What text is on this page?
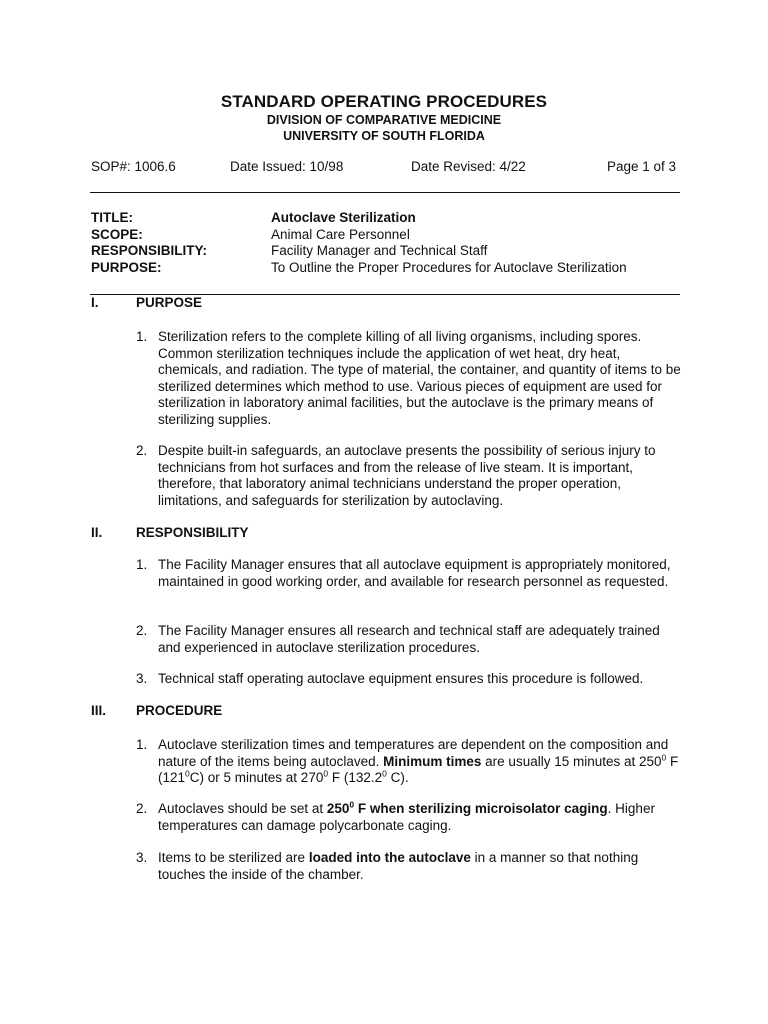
STANDARD OPERATING PROCEDURES
DIVISION OF COMPARATIVE MEDICINE
UNIVERSITY OF SOUTH FLORIDA
SOP#: 1006.6	Date Issued: 10/98	Date Revised: 4/22	Page 1 of 3
TITLE:	Autoclave Sterilization
SCOPE:	Animal Care Personnel
RESPONSIBILITY:	Facility Manager and Technical Staff
PURPOSE:	To Outline the Proper Procedures for Autoclave Sterilization
I.	PURPOSE
1. Sterilization refers to the complete killing of all living organisms, including spores. Common sterilization techniques include the application of wet heat, dry heat, chemicals, and radiation. The type of material, the container, and quantity of items to be sterilized determines which method to use. Various pieces of equipment are used for sterilization in laboratory animal facilities, but the autoclave is the primary means of sterilizing supplies.
2. Despite built-in safeguards, an autoclave presents the possibility of serious injury to technicians from hot surfaces and from the release of live steam. It is important, therefore, that laboratory animal technicians understand the proper operation, limitations, and safeguards for sterilization by autoclaving.
II. RESPONSIBILITY
1. The Facility Manager ensures that all autoclave equipment is appropriately monitored, maintained in good working order, and available for research personnel as requested.
2. The Facility Manager ensures all research and technical staff are adequately trained and experienced in autoclave sterilization procedures.
3. Technical staff operating autoclave equipment ensures this procedure is followed.
III. PROCEDURE
1. Autoclave sterilization times and temperatures are dependent on the composition and nature of the items being autoclaved. Minimum times are usually 15 minutes at $250^0$ F $(121^0C)$ or 5 minutes at $270^0$ F (132.2$^0$ C).
2. Autoclaves should be set at $250^0$ F when sterilizing microisolator caging. Higher temperatures can damage polycarbonate caging.
3. Items to be sterilized are loaded into the autoclave in a manner so that nothing touches the inside of the chamber.
